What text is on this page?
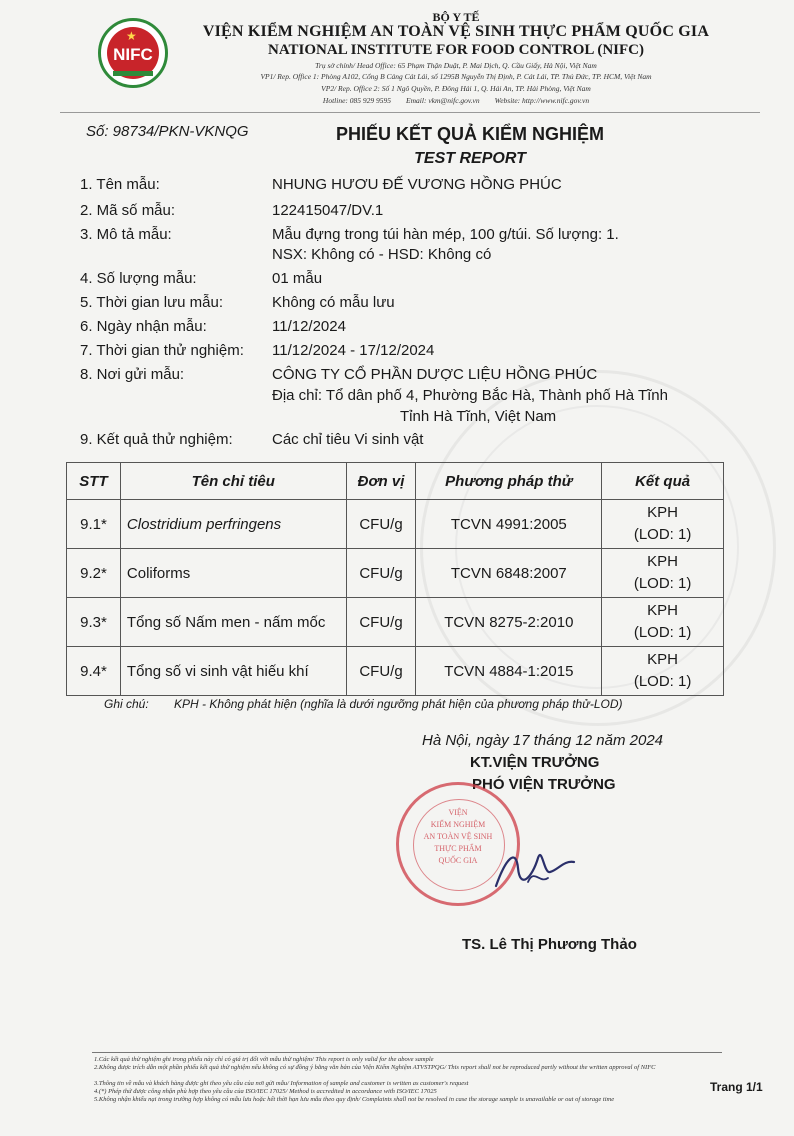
★
NIFC
BỘ Y TẾ
VIỆN KIỂM NGHIỆM AN TOÀN VỆ SINH THỰC PHẨM QUỐC GIA
NATIONAL INSTITUTE FOR FOOD CONTROL (NIFC)
Trụ sở chính/ Head Office: 65 Phạm Thận Duật, P. Mai Dịch, Q. Cầu Giấy, Hà Nội, Việt Nam
VP1/ Rep. Office 1: Phòng A102, Cổng B Cảng Cát Lái, số 1295B Nguyễn Thị Định, P. Cát Lái, TP. Thủ Đức, TP. HCM, Việt Nam
VP2/ Rep. Office 2: Số 1 Ngô Quyền, P. Đông Hải 1, Q. Hải An, TP. Hải Phòng, Việt Nam
Hotline: 085 929 9595        Email: vkm@nifc.gov.vn        Website: http://www.nifc.gov.vn
Số: 98734/PKN-VKNQG	PHIẾU KẾT QUẢ KIỂM NGHIỆM
TEST REPORT
1. Tên mẫu:	NHUNG HƯƠU ĐẾ VƯƠNG HỒNG PHÚC
2. Mã số mẫu:	122415047/DV.1
3. Mô tả mẫu:	Mẫu đựng trong túi hàn mép, 100 g/túi. Số lượng: 1.
NSX: Không có - HSD: Không có
4. Số lượng mẫu:	01 mẫu
5. Thời gian lưu mẫu:	Không có mẫu lưu
6. Ngày nhận mẫu:	11/12/2024
7. Thời gian thử nghiệm: 11/12/2024 - 17/12/2024
8. Nơi gửi mẫu:	CÔNG TY CỔ PHẦN DƯỢC LIỆU HỒNG PHÚC
Địa chỉ: Tổ dân phố 4, Phường Bắc Hà, Thành phố Hà Tĩnh
Tỉnh Hà Tĩnh, Việt Nam
9. Kết quả thử nghiệm:	Các chỉ tiêu Vi sinh vật
STT	Tên chỉ tiêu	Đơn vị	Phương pháp thử	Kết quả
9.1*	Clostridium perfringens	CFU/g	TCVN 4991:2005	KPH
(LOD: 1)

9.2*	Coliforms	CFU/g	TCVN 6848:2007	KPH
(LOD: 1)

9.3*	Tổng số Nấm men - nấm mốc	CFU/g	TCVN 8275-2:2010	KPH
(LOD: 1)

9.4*	Tổng số vi sinh vật hiếu khí	CFU/g	TCVN 4884-1:2015	KPH
(LOD: 1)
Ghi chú: KPH - Không phát hiện (nghĩa là dưới ngưỡng phát hiện của phương pháp thử-LOD)
Hà Nội, ngày 17 tháng 12 năm 2024
KT.VIỆN TRƯỞNG
PHÓ VIỆN TRƯỞNG
VIỆN
KIỂM NGHIỆM
AN TOÀN VỆ SINH
THỰC PHẨM
QUỐC GIA
TS. Lê Thị Phương Thảo
1.Các kết quả thử nghiệm ghi trong phiếu này chỉ có giá trị đối với mẫu thử nghiệm/ This report is only valid for the above sample
2.Không được trích dẫn một phần phiếu kết quả thử nghiệm nếu không có sự đồng ý bằng văn bản của Viện Kiểm Nghiệm ATVSTPQG/ This report shall not be reproduced partly without the written approval of NIFC
3.Thông tin về mẫu và khách hàng được ghi theo yêu cầu của nơi gửi mẫu/ Information of sample and customer is written as customer's request
4.(*) Phép thử được công nhận phù hợp theo yêu cầu của ISO/IEC 17025/ Method is accredited in accordance with ISO/IEC 17025
5.Không nhận khiếu nại trong trường hợp không có mẫu lưu hoặc hết thời hạn lưu mẫu theo quy định/ Complaints shall not be resolved in case the storage sample is unavailable or out of storage time
Trang 1/1
